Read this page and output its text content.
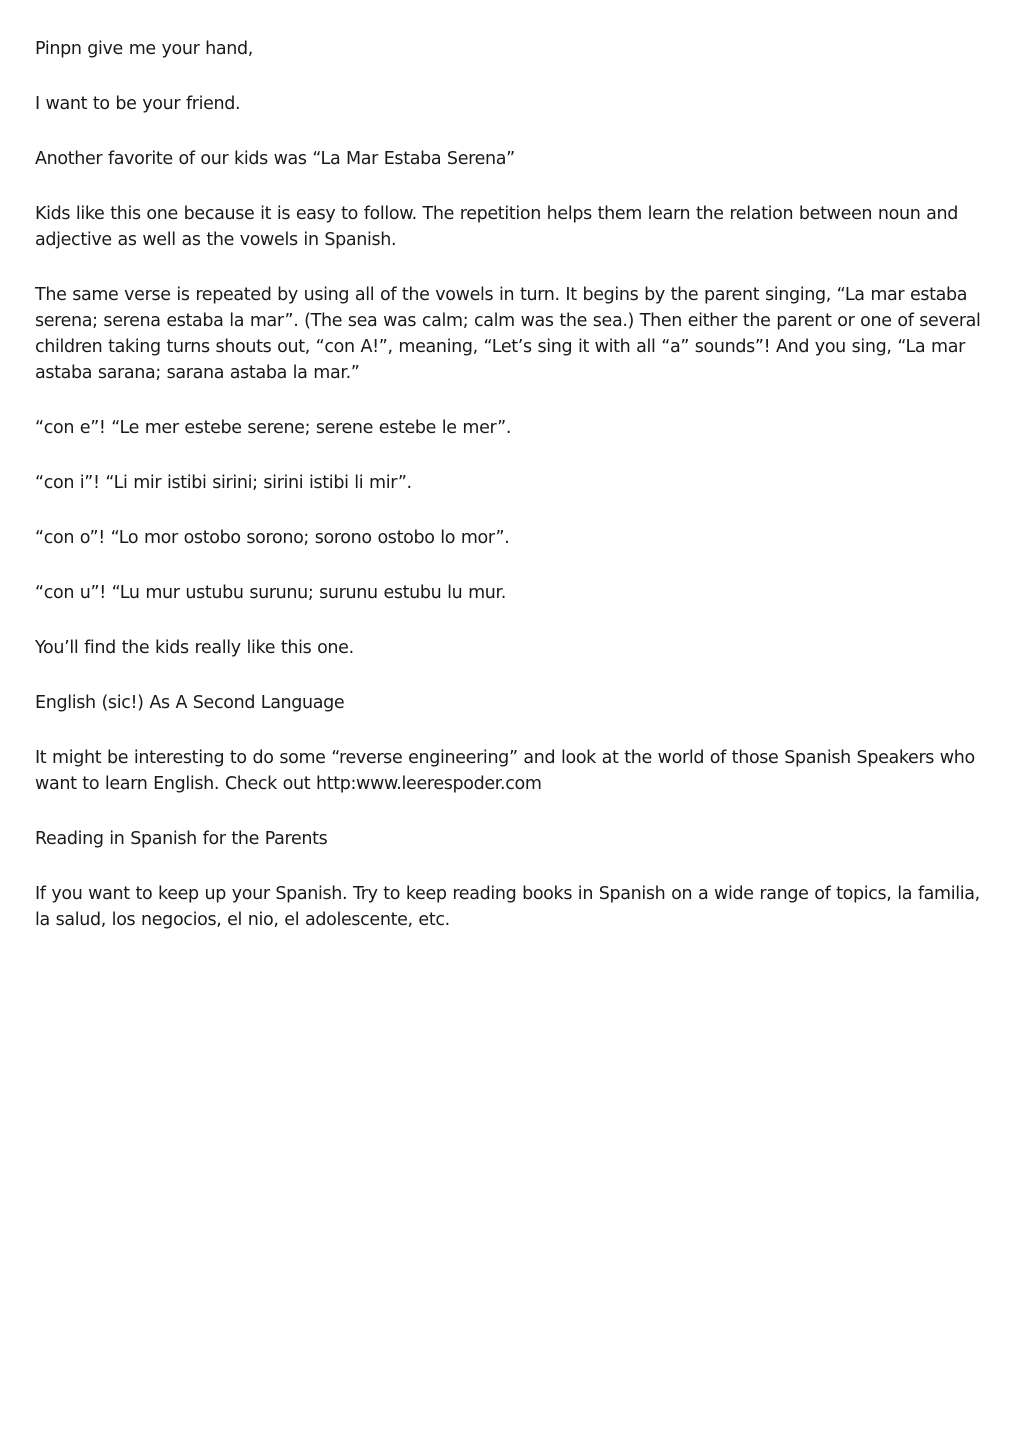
Pinpn give me your hand,

I want to be your friend.

Another favorite of our kids was “La Mar Estaba Serena”

Kids like this one because it is easy to follow. The repetition helps them learn the relation between noun and adjective as well as the vowels in Spanish.

The same verse is repeated by using all of the vowels in turn. It begins by the parent singing, “La mar estaba serena; serena estaba la mar”. (The sea was calm; calm was the sea.) Then either the parent or one of several children taking turns shouts out, “con A!”, meaning, “Let’s sing it with all “a” sounds”! And you sing, “La mar astaba sarana; sarana astaba la mar.”

“con e”! “Le mer estebe serene; serene estebe le mer”.

“con i”! “Li mir istibi sirini; sirini istibi li mir”.

“con o”! “Lo mor ostobo sorono; sorono ostobo lo mor”.

“con u”! “Lu mur ustubu surunu; surunu estubu lu mur.

You’ll find the kids really like this one.

English (sic!) As A Second Language

It might be interesting to do some “reverse engineering” and look at the world of those Spanish Speakers who want to learn English. Check out http:www.leerespoder.com

Reading in Spanish for the Parents

If you want to keep up your Spanish. Try to keep reading books in Spanish on a wide range of topics, la familia, la salud, los negocios, el nio, el adolescente, etc.
